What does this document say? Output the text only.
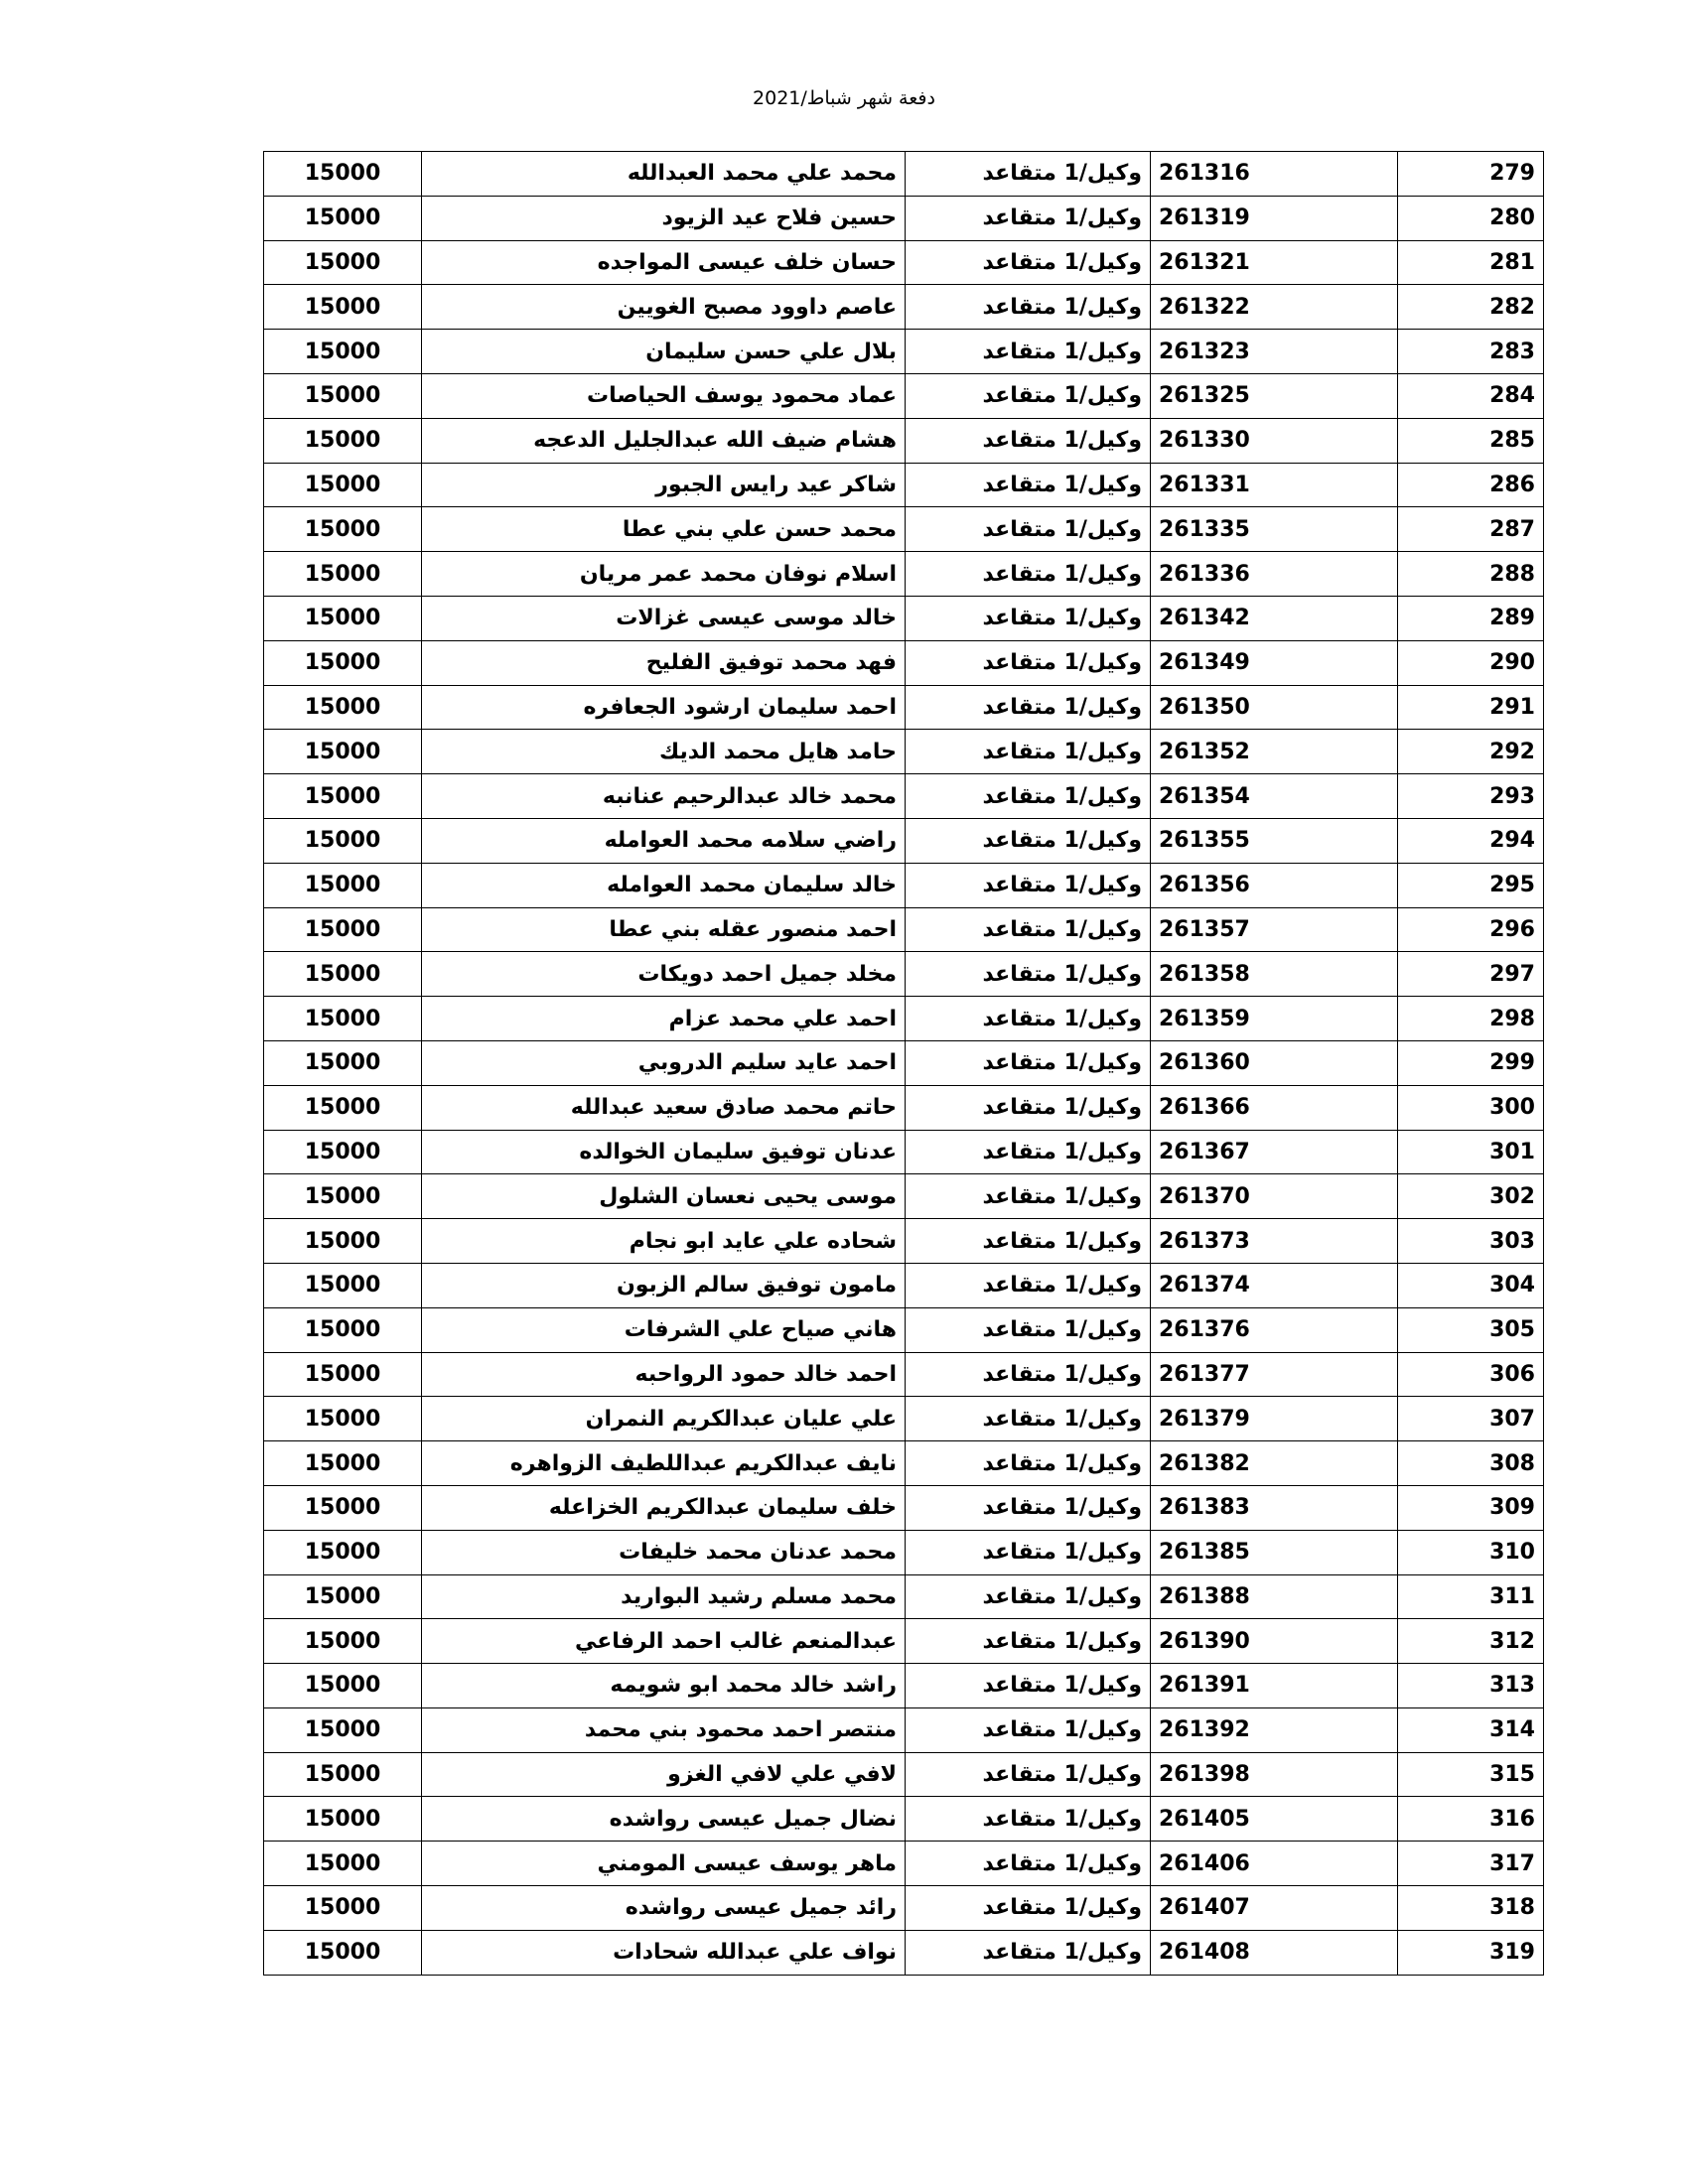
دفعة شهر شباط/2021
279	261316	وكيل/1 متقاعد	محمد علي محمد العبدالله	15000
280	261319	وكيل/1 متقاعد	حسين فلاح عيد الزيود	15000
281	261321	وكيل/1 متقاعد	حسان خلف عيسى المواجده	15000
282	261322	وكيل/1 متقاعد	عاصم داوود مصبح الغويين	15000
283	261323	وكيل/1 متقاعد	بلال علي حسن سليمان	15000
284	261325	وكيل/1 متقاعد	عماد محمود يوسف الحياصات	15000
285	261330	وكيل/1 متقاعد	هشام ضيف الله عبدالجليل الدعجه	15000
286	261331	وكيل/1 متقاعد	شاكر عيد رايس الجبور	15000
287	261335	وكيل/1 متقاعد	محمد حسن علي بني عطا	15000
288	261336	وكيل/1 متقاعد	اسلام نوفان محمد عمر مريان	15000
289	261342	وكيل/1 متقاعد	خالد موسى عيسى غزالات	15000
290	261349	وكيل/1 متقاعد	فهد محمد توفيق الفليح	15000
291	261350	وكيل/1 متقاعد	احمد سليمان ارشود الجعافره	15000
292	261352	وكيل/1 متقاعد	حامد هايل محمد الديك	15000
293	261354	وكيل/1 متقاعد	محمد خالد عبدالرحيم عنانبه	15000
294	261355	وكيل/1 متقاعد	راضي سلامه محمد العوامله	15000
295	261356	وكيل/1 متقاعد	خالد سليمان محمد العوامله	15000
296	261357	وكيل/1 متقاعد	احمد منصور عقله بني عطا	15000
297	261358	وكيل/1 متقاعد	مخلد جميل احمد دويكات	15000
298	261359	وكيل/1 متقاعد	احمد علي محمد عزام	15000
299	261360	وكيل/1 متقاعد	احمد عايد سليم الدروبي	15000
300	261366	وكيل/1 متقاعد	حاتم محمد صادق سعيد عبدالله	15000
301	261367	وكيل/1 متقاعد	عدنان توفيق سليمان الخوالده	15000
302	261370	وكيل/1 متقاعد	موسى يحيى نعسان الشلول	15000
303	261373	وكيل/1 متقاعد	شحاده علي عايد ابو نجام	15000
304	261374	وكيل/1 متقاعد	مامون توفيق سالم الزبون	15000
305	261376	وكيل/1 متقاعد	هاني صياح علي الشرفات	15000
306	261377	وكيل/1 متقاعد	احمد خالد حمود الرواحبه	15000
307	261379	وكيل/1 متقاعد	علي عليان عبدالكريم النمران	15000
308	261382	وكيل/1 متقاعد	نايف عبدالكريم عبداللطيف الزواهره	15000
309	261383	وكيل/1 متقاعد	خلف سليمان عبدالكريم الخزاعله	15000
310	261385	وكيل/1 متقاعد	محمد عدنان محمد خليفات	15000
311	261388	وكيل/1 متقاعد	محمد مسلم رشيد البواريد	15000
312	261390	وكيل/1 متقاعد	عبدالمنعم غالب احمد الرفاعي	15000
313	261391	وكيل/1 متقاعد	راشد خالد محمد ابو شويمه	15000
314	261392	وكيل/1 متقاعد	منتصر احمد محمود بني محمد	15000
315	261398	وكيل/1 متقاعد	لافي علي لافي الغزو	15000
316	261405	وكيل/1 متقاعد	نضال جميل عيسى رواشده	15000
317	261406	وكيل/1 متقاعد	ماهر يوسف عيسى المومني	15000
318	261407	وكيل/1 متقاعد	رائد جميل عيسى رواشده	15000
319	261408	وكيل/1 متقاعد	نواف علي عبدالله شحادات	15000
